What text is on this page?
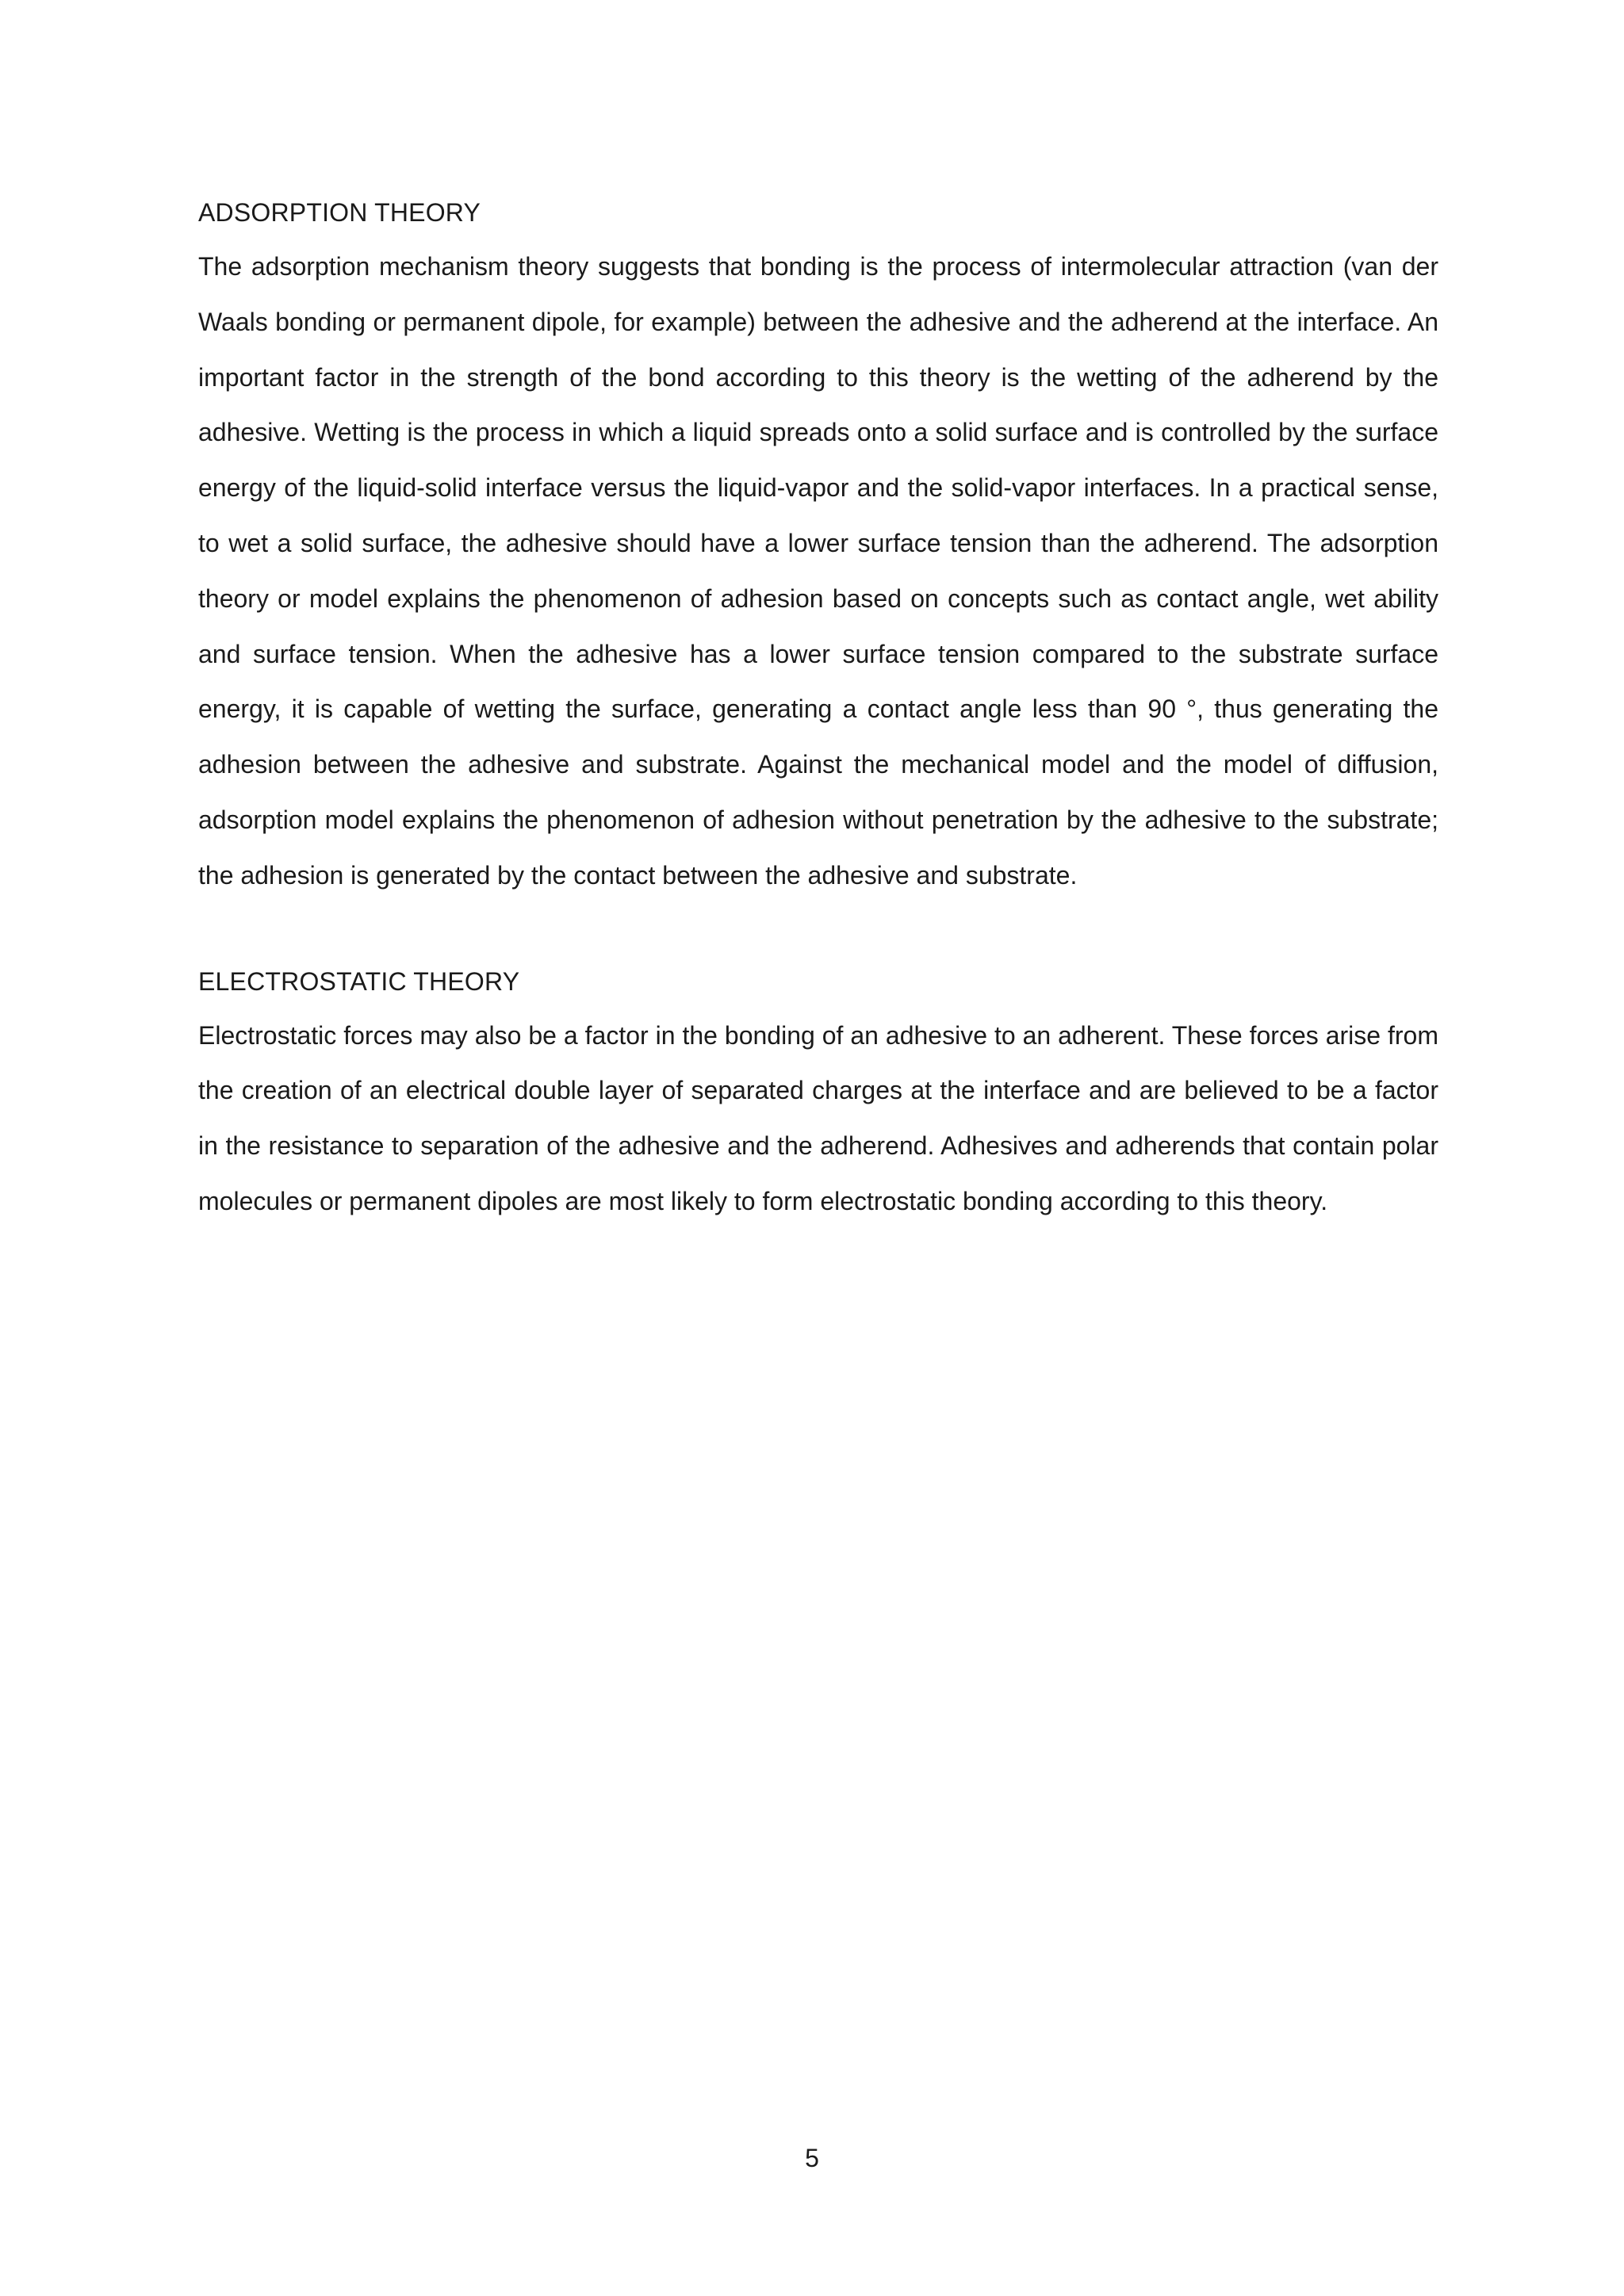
ADSORPTION THEORY

The adsorption mechanism theory suggests that bonding is the process of intermolecular attraction (van der Waals bonding or permanent dipole, for example) between the adhesive and the adherend at the interface. An important factor in the strength of the bond according to this theory is the wetting of the adherend by the adhesive. Wetting is the process in which a liquid spreads onto a solid surface and is controlled by the surface energy of the liquid-solid interface versus the liquid-vapor and the solid-vapor interfaces. In a practical sense, to wet a solid surface, the adhesive should have a lower surface tension than the adherend. The adsorption theory or model explains the phenomenon of adhesion based on concepts such as contact angle, wet ability and surface tension. When the adhesive has a lower surface tension compared to the substrate surface energy, it is capable of wetting the surface, generating a contact angle less than 90 °, thus generating the adhesion between the adhesive and substrate. Against the mechanical model and the model of diffusion, adsorption model explains the phenomenon of adhesion without penetration by the adhesive to the substrate; the adhesion is generated by the contact between the adhesive and substrate.

ELECTROSTATIC THEORY

Electrostatic forces may also be a factor in the bonding of an adhesive to an adherent. These forces arise from the creation of an electrical double layer of separated charges at the interface and are believed to be a factor in the resistance to separation of the adhesive and the adherend. Adhesives and adherends that contain polar molecules or permanent dipoles are most likely to form electrostatic bonding according to this theory.

5
